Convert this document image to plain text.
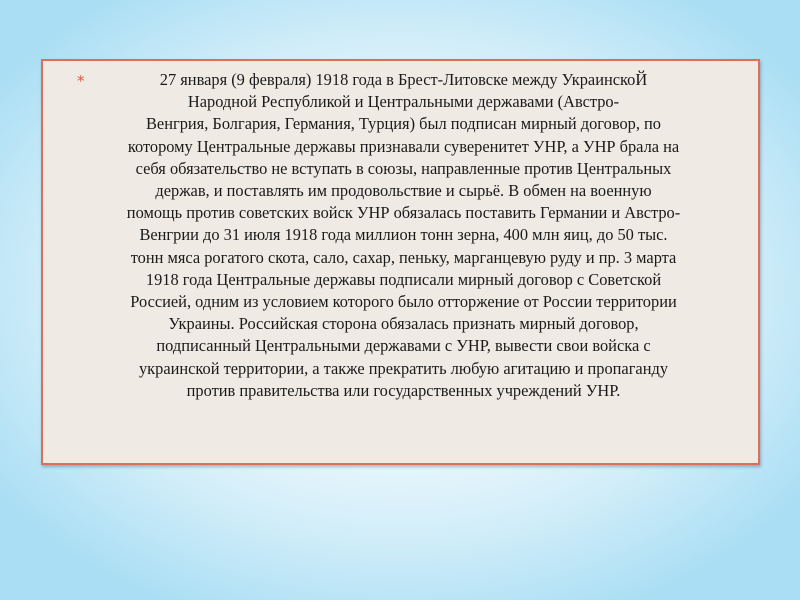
*	27 января (9 февраля) 1918 года в Брест-Литовске между УкраинскоЙ
Народной Республикой и Центральными державами (Австро-
Венгрия, Болгария, Германия, Турция) был подписан мирный договор, по
которому Центральные державы признавали суверенитет УНР, а УНР брала на
себя обязательство не вступать в союзы, направленные против Центральных
держав, и поставлять им продовольствие и сырьё. В обмен на военную
помощь против советских войск УНР обязалась поставить Германии и Австро-
Венгрии до 31 июля 1918 года миллион тонн зерна, 400 млн яиц, до 50 тыс.
тонн мяса рогатого скота, сало, сахар, пеньку, марганцевую руду и пр. 3 марта
1918 года Центральные державы подписали мирный договор с Советской
Россией, одним из условием которого было отторжение от России территории
Украины. Российская сторона обязалась признать мирный договор,
подписанный Центральными державами с УНР, вывести свои войска с
украинской территории, а также прекратить любую агитацию и пропаганду
против правительства или государственных учреждений УНР.
